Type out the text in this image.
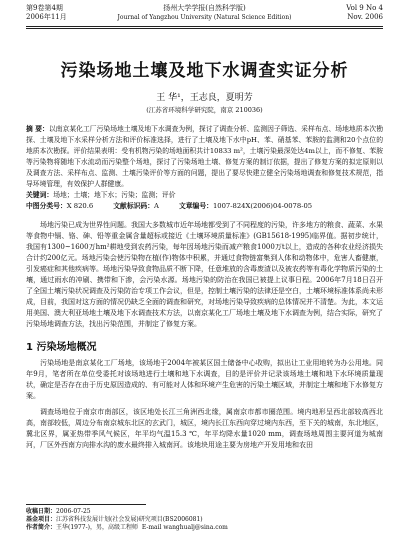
第9卷第4期
2006年11月
扬州大学学报(自然科学版)
Journal of Yangzhou University (Natural Science Edition)
Vol 9 No 4
Nov. 2006
污染场地土壤及地下水调查实证分析
王 华¹，王志良，夏明芳
(江苏省环境科学研究院，南京 210036)
摘 要：以南京某化工厂污染场地土壤及地下水调查为例，探讨了调查分析、监测因子筛选、采样布点、场地地质本次勘探、土壤及地下水采样分析方法和评价标准选择，进行了土壤及地下水中pH、苯、硝基苯、苯胺的监测和20个点位的地质本次勘探。评价结果表明：受有机物污染的场地面积共计10833 m²，土壤污染最深处达4m以上，而不修复、苯胺等污染物将随地下水流动而污染整个场地，探讨了污染场地土壤、修复方案的制订依据，提出了修复方案的拟定原则以及调查方法、采样布点、监测、土壤污染评价等方面的问题，提出了要尽快建立健全污染场地调查和修复技术规范，指导环境管理，有效保护人群健康。
关键词：场地；土壤；地下水；污染；监测；评价
中图分类号：X 820.6	文献标识码：A	文章编号：1007-824X(2006)04-0078-05
场地污染已成为世界性问题。我国大多数城市近年场地都受到了不同程度的污染，许多地方的粮食、蔬菜、水果等食物中镉、铬、砷、铅等重金属含量超标或接近《土壤环境质量标准》(GB15618-1995)临界值。据初步统计，我国有1300~1600万hm²耕地受到农药污染，每年因场地污染而减产粮食1000万t以上，造成的各种农业经济损失合计约200亿元。场地污染会使污染物在植(作)物体中积累，并通过食物链富集到人体和动物体中，危害人畜健康，引发癌症和其他疾病等。场地污染导致食物品质不断下降，任意堆放的含毒废渣以及被农药等有毒化学物质污染的土壤，通过雨水的冲刷、携带和下渗，会污染水源。场地污染的防治在我国已被提上议事日程。2006年7月18日召开了全国土壤污染状况调查及污染防治专项工作会议，但是，控制土壤污染的法律还是空白，土壤环境标准体系尚未形成，目前，我国对这方面的情况仍缺乏全面的调查和研究，对场地污染导致疾病的总体情况并不清楚。为此，本文运用美国、澳大利亚场地土壤及地下水调查技术方法，以南京某化工厂场地土壤及地下水调查为例，结合实际，研究了污染场地调查方法，找出污染范围，并制定了修复方案。
1 污染场地概况
污染场地是南京某化工厂场地，该场地于2004年被某区国土储备中心收购，拟出让工业用地转为办公用地。同年9月，笔者所在单位受委托对该场地进行土壤和地下水调查，目的是评价并记录该场地土壤和地下水环境质量现状，确定是否存在由于历史原因造成的、有可能对人体和环境产生危害的污染土壤区域，并制定土壤和地下水修复方案。
调查场地位于南京市南部区，该区地处长江三角洲西北缘，属南京市都市圈范围。境内地形呈西北部较高西北高，南部较低，周边分布南京城东北区的玄武门，城区，境内长江东西向穿过境内东西，至下关的城南，东北地区，冀北区界，属亚热带季风气候区，年平均气温15.3 ℃，年平均降水量1020 mm，调查场地周围主要河道为城南河，厂区外西南方向排水沟的废水最终排入城南河。该地块用途主要为房地产开发用地和农田
收稿日期：2006-07-25
基金项目：江苏省科技发展计划(社会发展)研究项目(BS2006081)
作者简介：王华(1977-)，男，高级工程师 E-mail wanghualj@sina.com
